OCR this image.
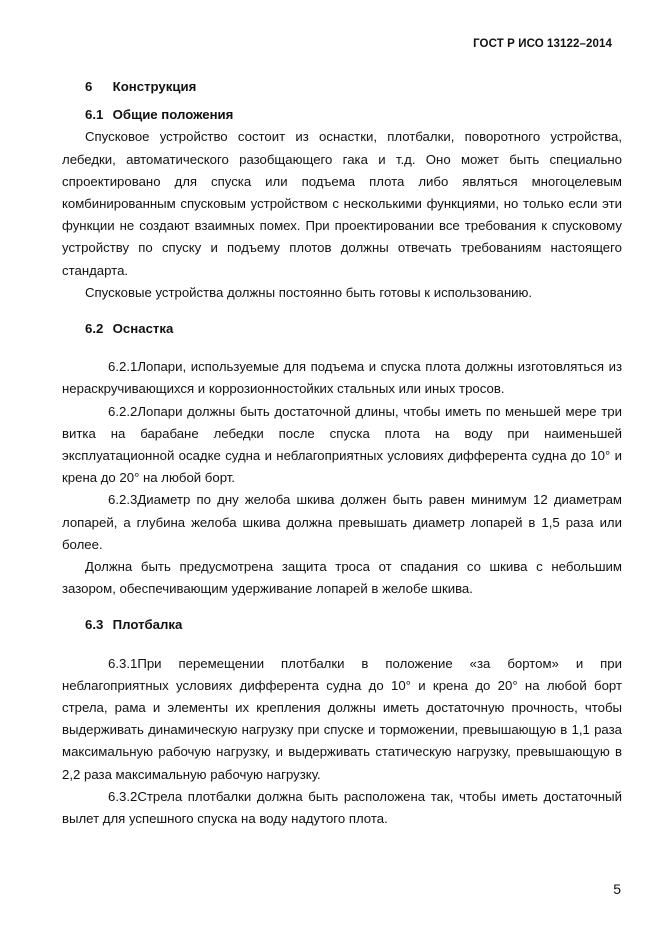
ГОСТ Р ИСО 13122–2014

6 Конструкция

6.1 Общие положения

Спусковое устройство состоит из оснастки, плотбалки, поворотного устройства, лебедки, автоматического разобщающего гака и т.д. Оно может быть специально спроектировано для спуска или подъема плота либо являться многоцелевым комбинированным спусковым устройством с несколькими функциями, но только если эти функции не создают взаимных помех. При проектировании все требования к спусковому устройству по спуску и подъему плотов должны отвечать требованиям настоящего стандарта.

Спусковые устройства должны постоянно быть готовы к использованию.

6.2 Оснастка

6.2.1Лопари, используемые для подъема и спуска плота должны изготовляться из нераскручивающихся и коррозионностойких стальных или иных тросов.

6.2.2Лопари должны быть достаточной длины, чтобы иметь по меньшей мере три витка на барабане лебедки после спуска плота на воду при наименьшей эксплуатационной осадке судна и неблагоприятных условиях дифферента судна до 10° и крена до 20° на любой борт.

6.2.3Диаметр по дну желоба шкива должен быть равен минимум 12 диаметрам лопарей, а глубина желоба шкива должна превышать диаметр лопарей в 1,5 раза или более.

Должна быть предусмотрена защита троса от спадания со шкива с небольшим зазором, обеспечивающим удерживание лопарей в желобе шкива.

6.3 Плотбалка

6.3.1При перемещении плотбалки в положение «за бортом» и при неблагоприятных условиях дифферента судна до 10° и крена до 20° на любой борт стрела, рама и элементы их крепления должны иметь достаточную прочность, чтобы выдерживать динамическую нагрузку при спуске и торможении, превышающую в 1,1 раза максимальную рабочую нагрузку, и выдерживать статическую нагрузку, превышающую в 2,2 раза максимальную рабочую нагрузку.

6.3.2Стрела плотбалки должна быть расположена так, чтобы иметь достаточный вылет для успешного спуска на воду надутого плота.

5
